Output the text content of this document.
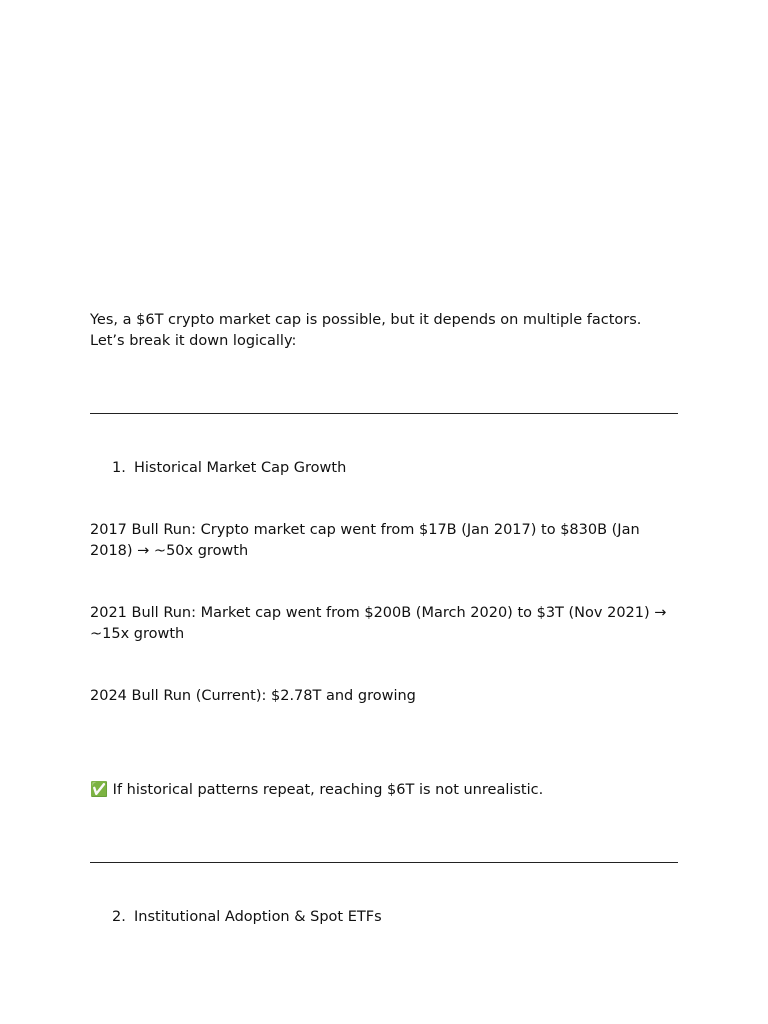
Yes, a $6T crypto market cap is possible, but it depends on multiple factors.
Let’s break it down logically:

1. Historical Market Cap Growth

2017 Bull Run: Crypto market cap went from $17B (Jan 2017) to $830B (Jan 2018) → ~50x growth

2021 Bull Run: Market cap went from $200B (March 2020) to $3T (Nov 2021) → ~15x growth

2024 Bull Run (Current): $2.78T and growing

✅ If historical patterns repeat, reaching $6T is not unrealistic.

2. Institutional Adoption & Spot ETFs
